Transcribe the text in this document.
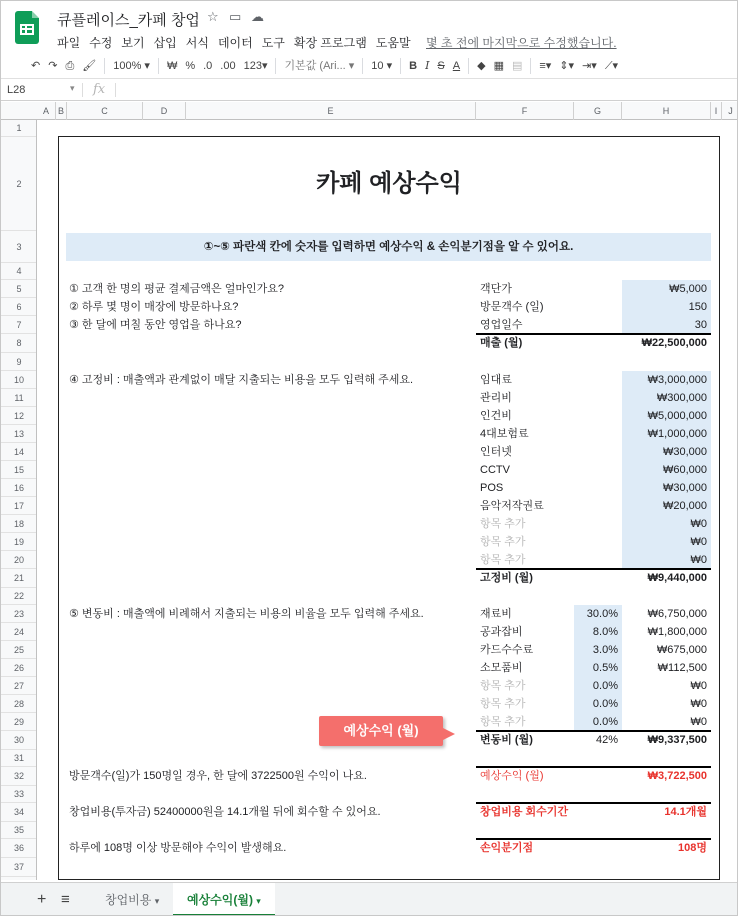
큐플레이스_카페 창업 ☆ ▭ ☁
파일 수정 보기 삽입 서식 데이터 도구 확장 프로그램 도움말 몇 초 전에 마지막으로 수정했습니다.
↶ ↷ ⎙ 🖌︎	100% ▾	₩ % .0 .00 123▾	기본값 (Ari... ▾	10 ▾	B I S A	◆ ▦ ▤	≡▾ ⇕▾ ⇥▾ ⟋▾
L28	▾ fx
A B	C	D	E	F	G	H	I	J
1
2
3
4
5
6
7
8
9
10
11
12
13
14
15
16
17
18
19
20
21
22
23
24
25
26
27
28
29
30
31
32
33
34
35
36
37
카페 예상수익
①~⑤ 파란색 칸에 숫자를 입력하면 예상수익 & 손익분기점을 알 수 있어요.
① 고객 한 명의 평균 결제금액은 얼마인가요?
② 하루 몇 명이 매장에 방문하나요?
③ 한 달에 며칠 동안 영업을 하나요?
④ 고정비 : 매출액과 관계없이 매달 지출되는 비용을 모두 입력해 주세요.
⑤ 변동비 : 매출액에 비례해서 지출되는 비용의 비율을 모두 입력해 주세요.
객단가	₩5,000
방문객수 (일)	150
영업일수	30
매출 (월)	₩22,500,000
임대료	₩3,000,000
관리비	₩300,000
인건비	₩5,000,000
4대보험료	₩1,000,000
인터넷	₩30,000
CCTV	₩60,000
POS	₩30,000
음악저작권료	₩20,000
항목 추가	₩0
항목 추가	₩0
항목 추가	₩0
고정비 (월)	₩9,440,000
재료비	30.0%	₩6,750,000
공과잡비	8.0%	₩1,800,000
카드수수료	3.0%	₩675,000
소모품비	0.5%	₩112,500
항목 추가	0.0%	₩0
항목 추가	0.0%	₩0
항목 추가	0.0%	₩0
변동비 (월)	42%	₩9,337,500
예상수익 (월)
방문객수(일)가 150명일 경우, 한 달에 3722500원 수익이 나요.	예상수익 (월)	₩3,722,500
창업비용(투자금) 52400000원을 14.1개월 뒤에 회수할 수 있어요.	창업비용 회수기간	14.1개월
하루에 108명 이상 방문해야 수익이 발생해요.	손익분기점	108명
+ ≡	창업비용 ▾	예상수익(월) ▾
